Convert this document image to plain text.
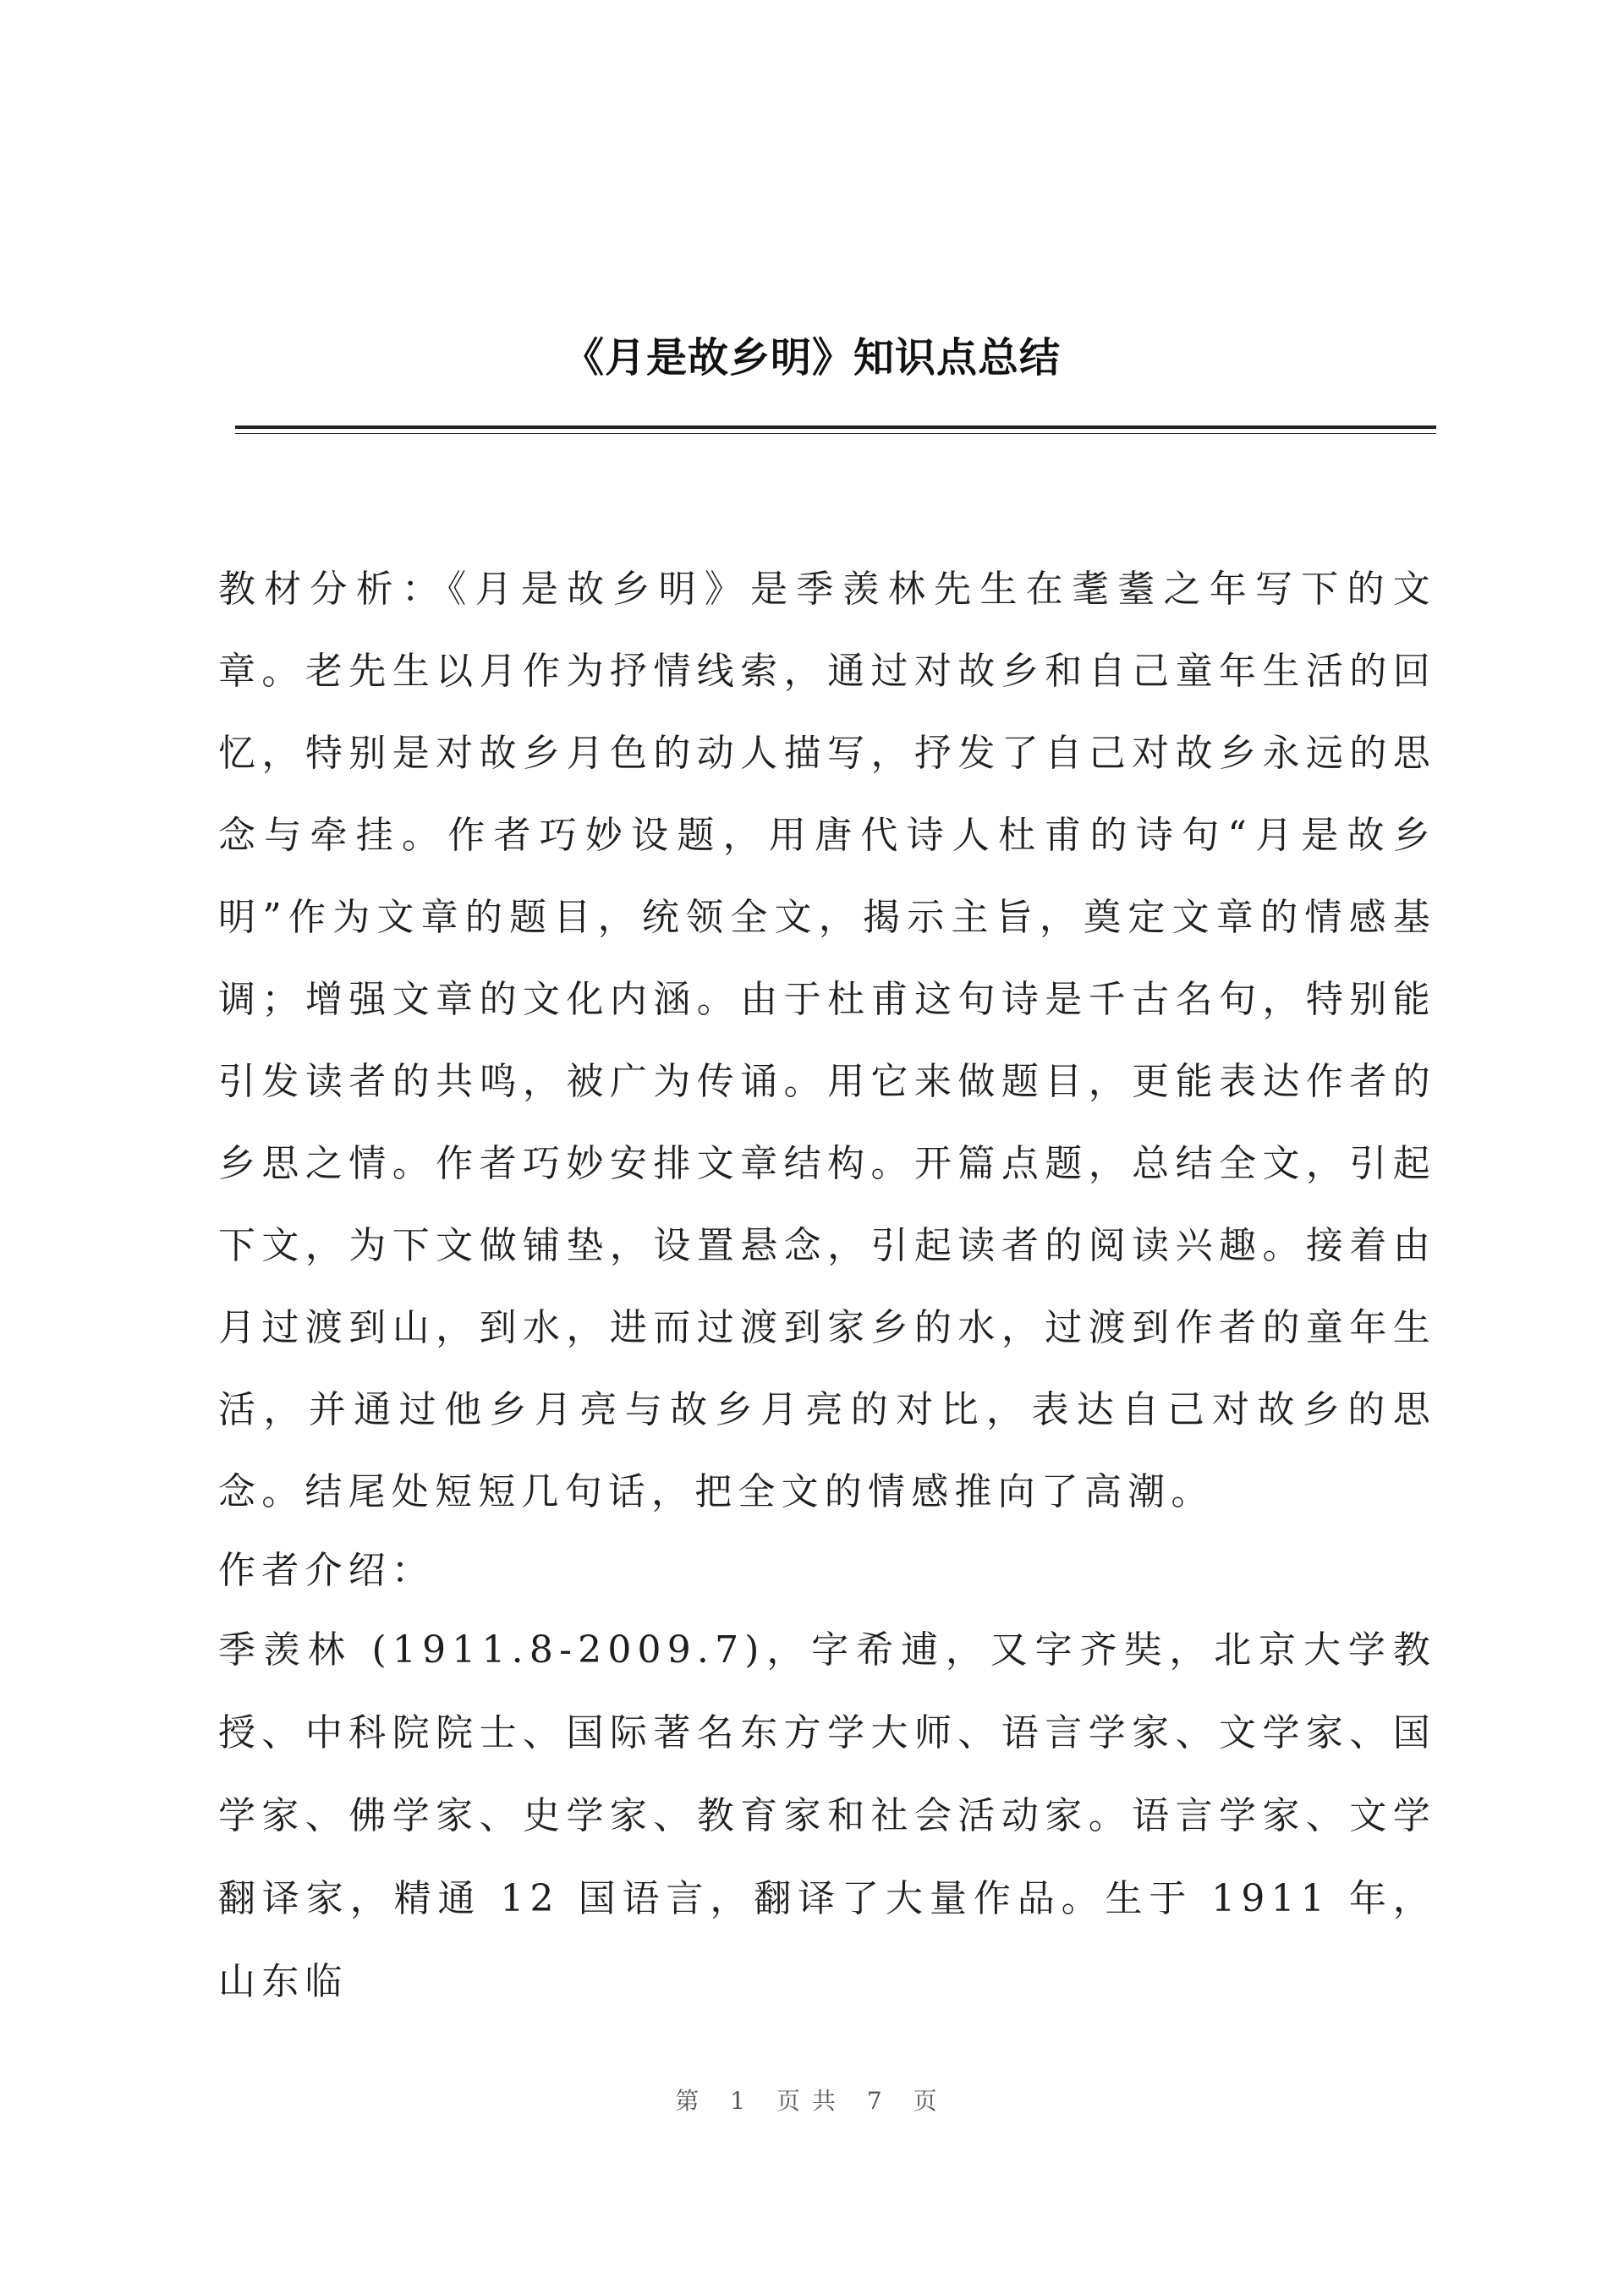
《月是故乡明》知识点总结

教材分析：《月是故乡明》是季羡林先生在耄耋之年写下的文章。老先生以月作为抒情线索，通过对故乡和自己童年生活的回忆，特别是对故乡月色的动人描写，抒发了自己对故乡永远的思念与牵挂。作者巧妙设题，用唐代诗人杜甫的诗句“月是故乡明”作为文章的题目，统领全文，揭示主旨，奠定文章的情感基调；增强文章的文化内涵。由于杜甫这句诗是千古名句，特别能引发读者的共鸣，被广为传诵。用它来做题目，更能表达作者的乡思之情。作者巧妙安排文章结构。开篇点题，总结全文，引起下文，为下文做铺垫，设置悬念，引起读者的阅读兴趣。接着由月过渡到山，到水，进而过渡到家乡的水，过渡到作者的童年生活，并通过他乡月亮与故乡月亮的对比，表达自己对故乡的思念。结尾处短短几句话，把全文的情感推向了高潮。

作者介绍：

季羡林 (1911.8-2009.7)，字希逋，又字齐奘，北京大学教授、中科院院士、国际著名东方学大师、语言学家、文学家、国学家、佛学家、史学家、教育家和社会活动家。语言学家、文学翻译家，精通 12 国语言，翻译了大量作品。生于 1911 年，山东临

第 1 页共 7 页
